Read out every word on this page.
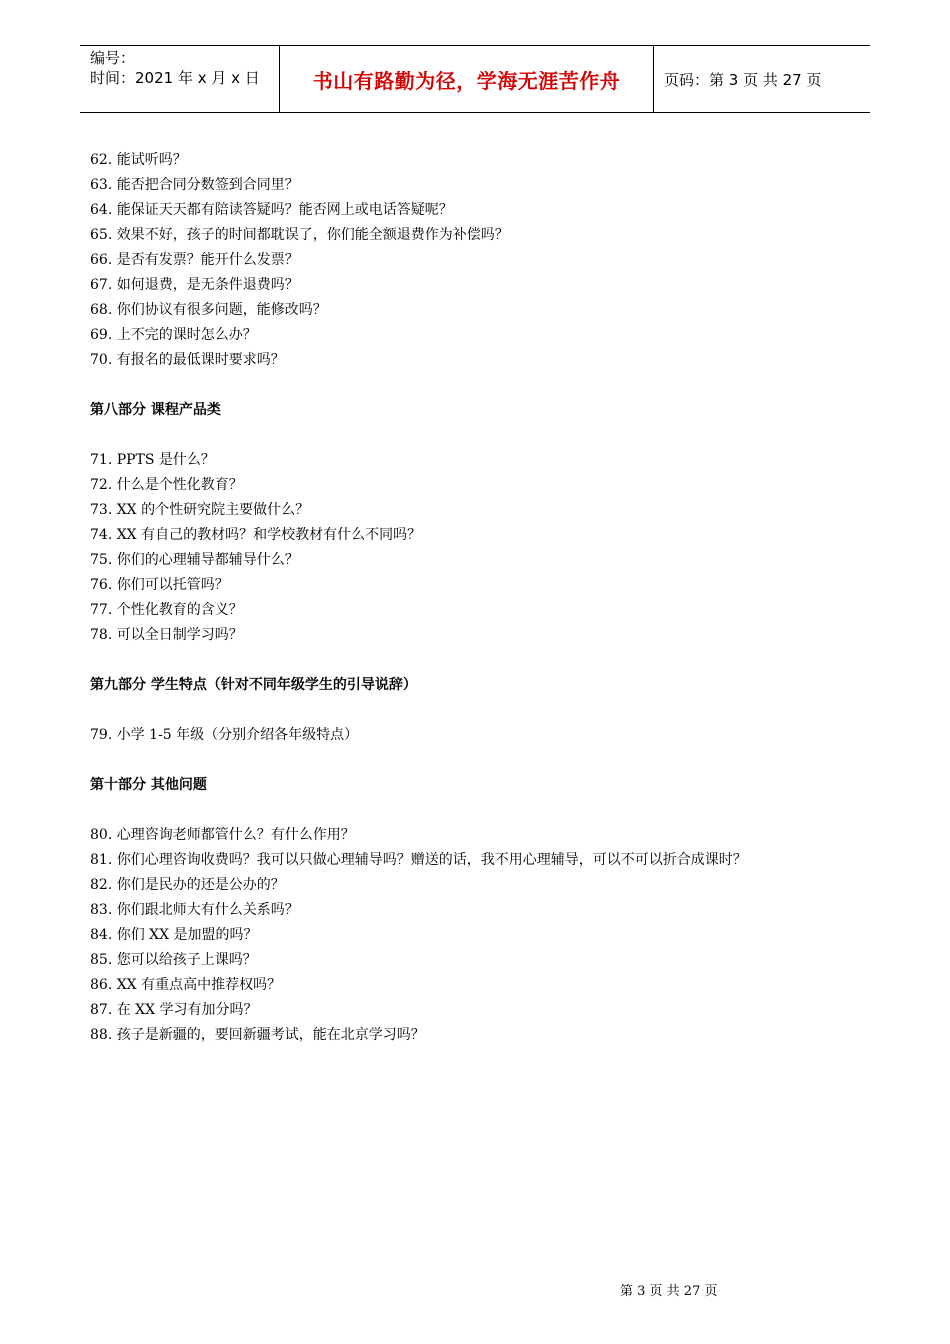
编号：
时间：2021 年 x 月 x 日	书山有路勤为径，学海无涯苦作舟	页码：第 3 页 共 27 页
62. 能试听吗？
63. 能否把合同分数签到合同里？
64. 能保证天天都有陪读答疑吗？能否网上或电话答疑呢？
65. 效果不好，孩子的时间都耽误了，你们能全额退费作为补偿吗？
66. 是否有发票？能开什么发票？
67. 如何退费，是无条件退费吗？
68. 你们协议有很多问题，能修改吗？
69. 上不完的课时怎么办？
70. 有报名的最低课时要求吗？
第八部分 课程产品类
71. PPTS 是什么？
72. 什么是个性化教育？
73. XX 的个性研究院主要做什么？
74. XX 有自己的教材吗？和学校教材有什么不同吗？
75. 你们的心理辅导都辅导什么？
76. 你们可以托管吗？
77. 个性化教育的含义？
78. 可以全日制学习吗？
第九部分 学生特点（针对不同年级学生的引导说辞）
79. 小学 1-5 年级（分别介绍各年级特点）
第十部分 其他问题
80. 心理咨询老师都管什么？有什么作用？
81. 你们心理咨询收费吗？我可以只做心理辅导吗？赠送的话，我不用心理辅导，可以不可以折合成课时？
82. 你们是民办的还是公办的？
83. 你们跟北师大有什么关系吗？
84. 你们 XX 是加盟的吗？
85. 您可以给孩子上课吗？
86. XX 有重点高中推荐权吗？
87. 在 XX 学习有加分吗？
88. 孩子是新疆的，要回新疆考试，能在北京学习吗？
第 3 页 共 27 页
